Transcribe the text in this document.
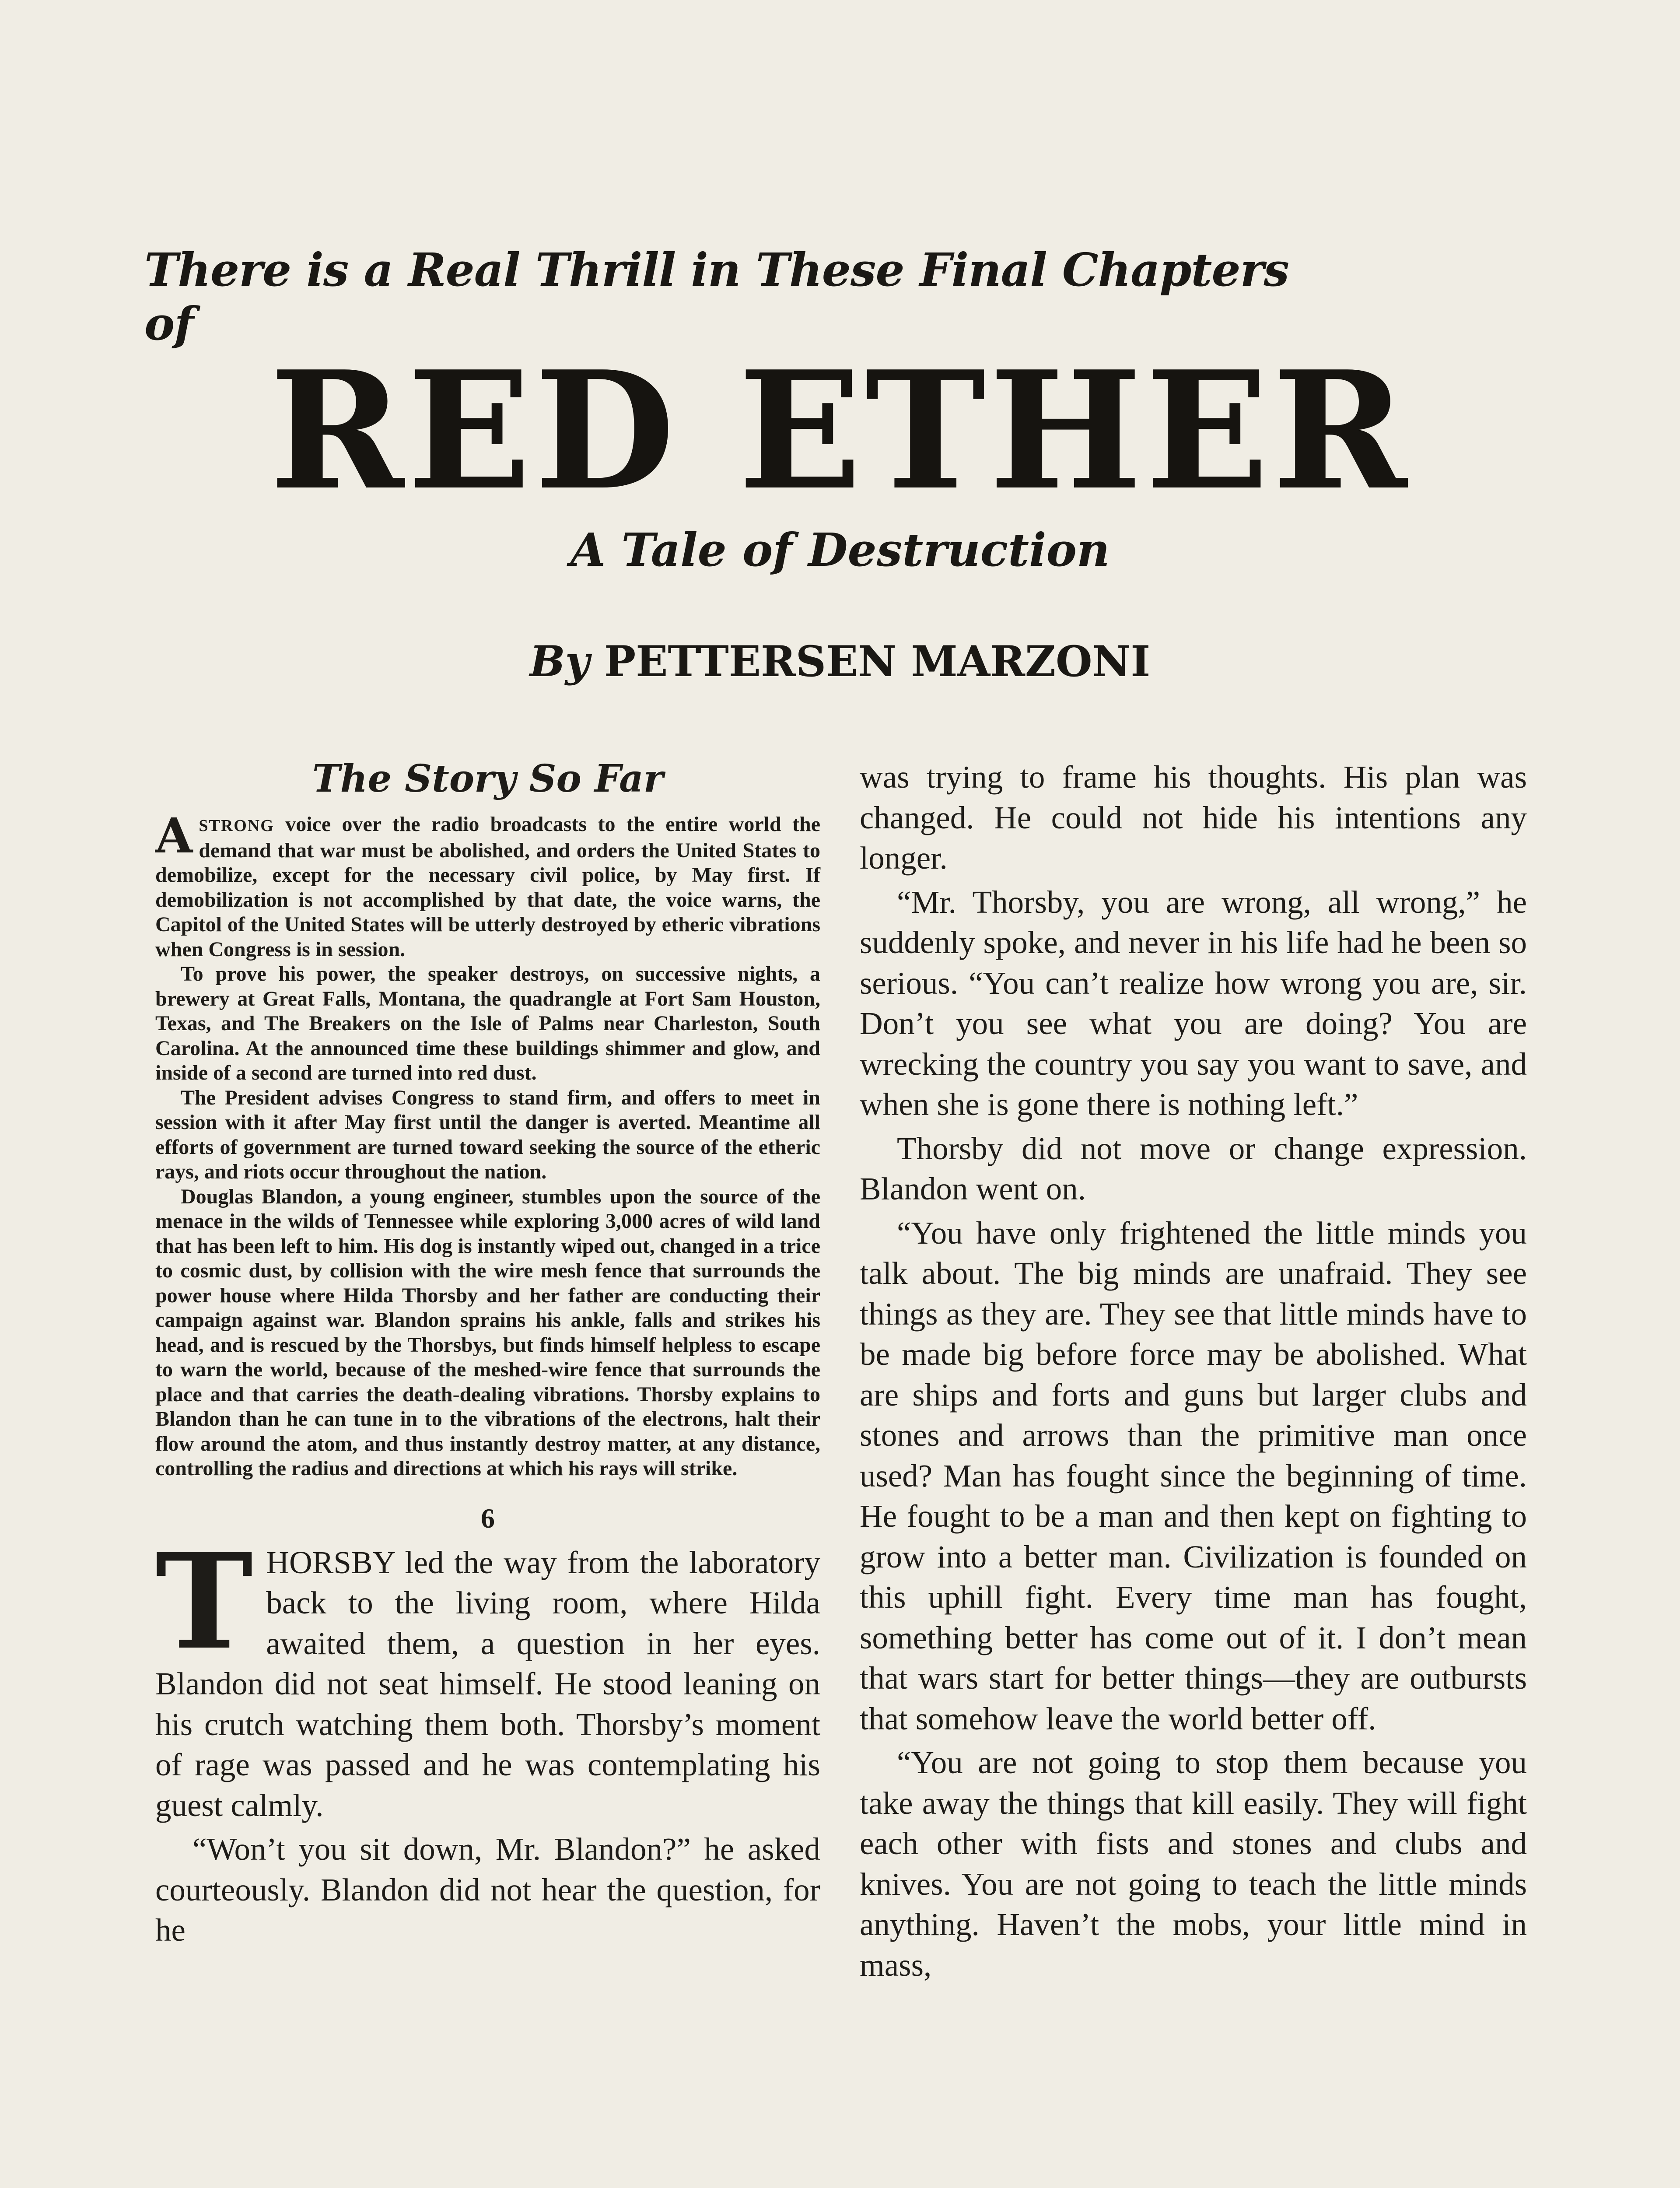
There is a Real Thrill in These Final Chapters of
RED ETHER
A Tale of Destruction
By PETTERSEN MARZONI
The Story So Far

ASTRONG voice over the radio broadcasts to the entire world the demand that war must be abolished, and orders the United States to demobilize, except for the necessary civil police, by May first. If demobilization is not accomplished by that date, the voice warns, the Capitol of the United States will be utterly destroyed by etheric vibrations when Congress is in session.

To prove his power, the speaker destroys, on successive nights, a brewery at Great Falls, Montana, the quadrangle at Fort Sam Houston, Texas, and The Breakers on the Isle of Palms near Charleston, South Carolina. At the announced time these buildings shimmer and glow, and inside of a second are turned into red dust.

The President advises Congress to stand firm, and offers to meet in session with it after May first until the danger is averted. Meantime all efforts of government are turned toward seeking the source of the etheric rays, and riots occur throughout the nation.

Douglas Blandon, a young engineer, stumbles upon the source of the menace in the wilds of Tennessee while exploring 3,000 acres of wild land that has been left to him. His dog is instantly wiped out, changed in a trice to cosmic dust, by collision with the wire mesh fence that surrounds the power house where Hilda Thorsby and her father are conducting their campaign against war. Blandon sprains his ankle, falls and strikes his head, and is rescued by the Thorsbys, but finds himself helpless to escape to warn the world, because of the meshed-wire fence that surrounds the place and that carries the death-dealing vibrations. Thorsby explains to Blandon than he can tune in to the vibrations of the electrons, halt their flow around the atom, and thus instantly destroy matter, at any distance, controlling the radius and directions at which his rays will strike.

6

THORSBY led the way from the laboratory back to the living room, where Hilda awaited them, a question in her eyes. Blandon did not seat himself. He stood leaning on his crutch watching them both. Thorsby’s moment of rage was passed and he was contemplating his guest calmly.

“Won’t you sit down, Mr. Blandon?” he asked courteously. Blandon did not hear the question, for he

was trying to frame his thoughts. His plan was changed. He could not hide his intentions any longer.

“Mr. Thorsby, you are wrong, all wrong,” he suddenly spoke, and never in his life had he been so serious. “You can’t realize how wrong you are, sir. Don’t you see what you are doing? You are wrecking the country you say you want to save, and when she is gone there is nothing left.”

Thorsby did not move or change expression. Blandon went on.

“You have only frightened the little minds you talk about. The big minds are unafraid. They see things as they are. They see that little minds have to be made big before force may be abolished. What are ships and forts and guns but larger clubs and stones and arrows than the primitive man once used? Man has fought since the beginning of time. He fought to be a man and then kept on fighting to grow into a better man. Civilization is founded on this uphill fight. Every time man has fought, something better has come out of it. I don’t mean that wars start for better things—they are outbursts that somehow leave the world better off.

“You are not going to stop them because you take away the things that kill easily. They will fight each other with fists and stones and clubs and knives. You are not going to teach the little minds anything. Haven’t the mobs, your little mind in mass,
